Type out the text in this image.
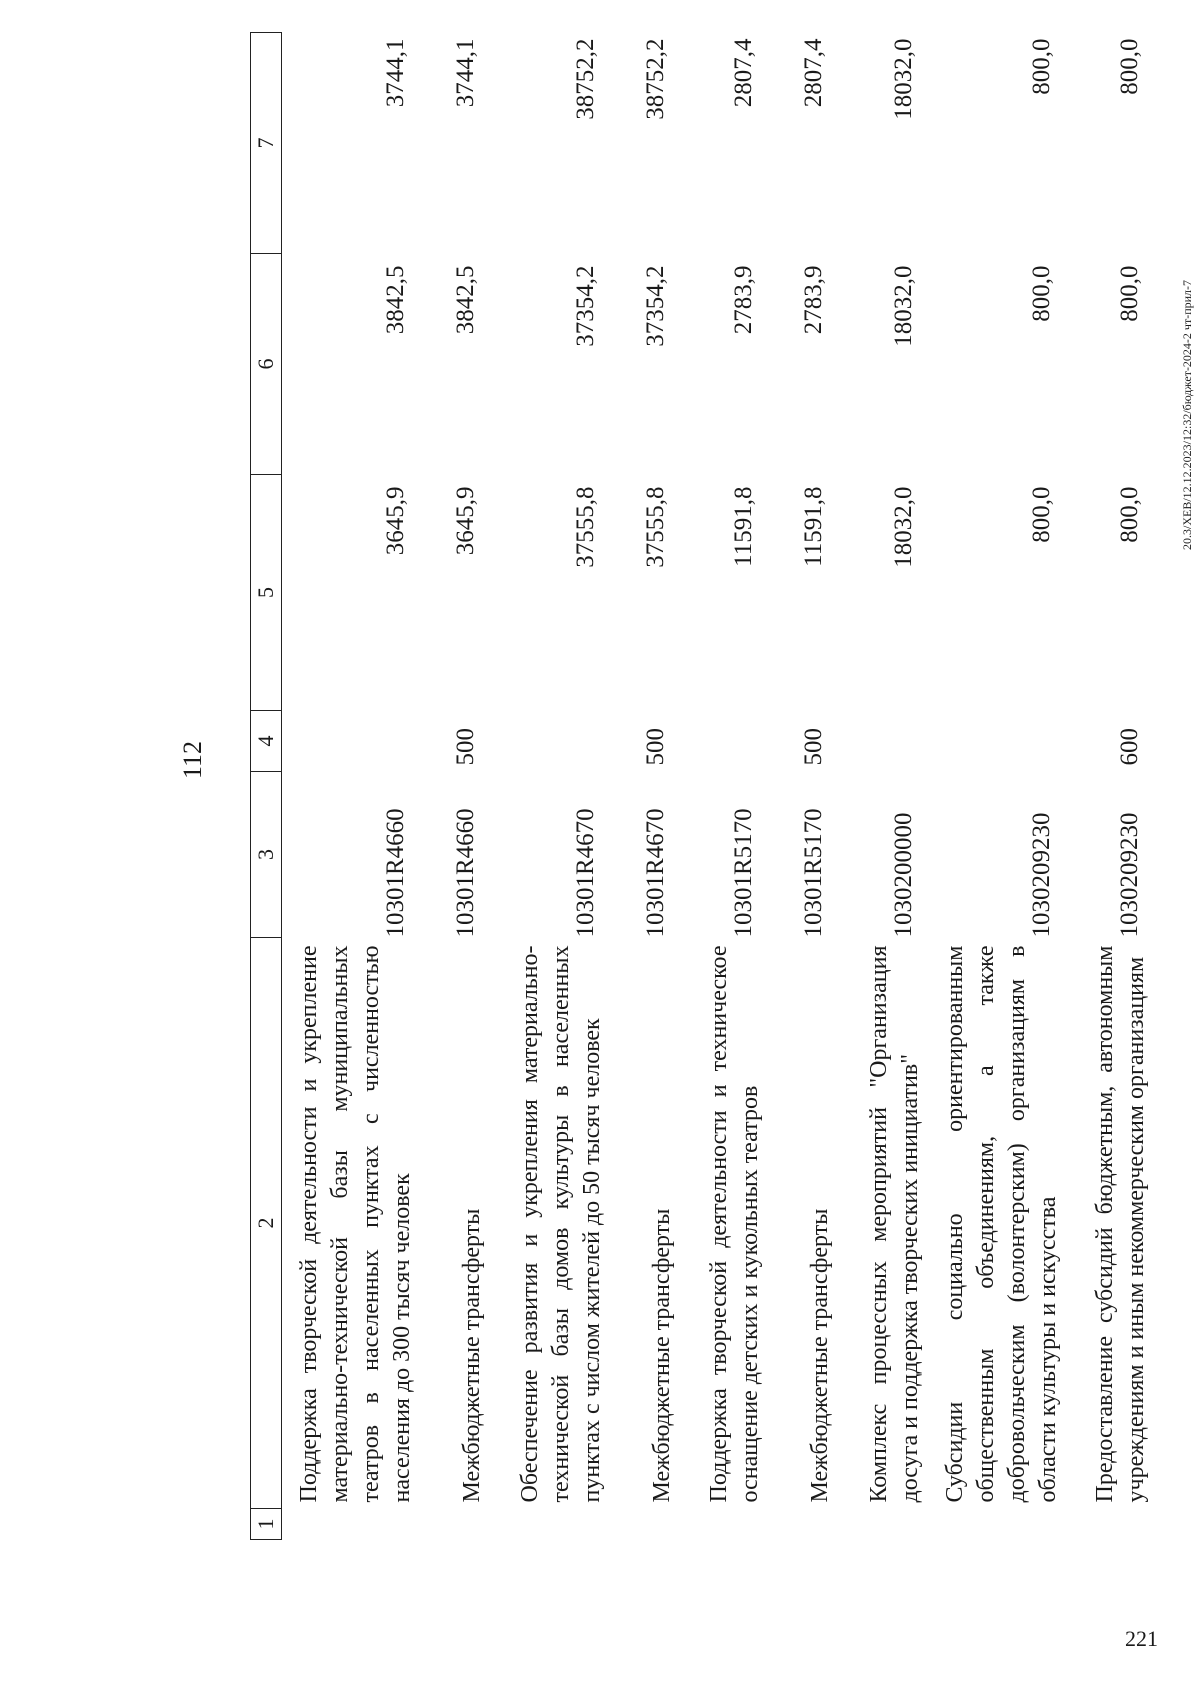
112
1	2	3	4	5	6	7
	Поддержка творческой деятельности и укрепление материально-технической базы муниципальных театров в населенных пунктах с численностью населения до 300 тысяч человек	10301R4660		3645,9	3842,5	3744,1
	Межбюджетные трансферты	10301R4660	500	3645,9	3842,5	3744,1
	Обеспечение развития и укрепления материально-технической базы домов культуры в населенных пунктах с числом жителей до 50 тысяч человек	10301R4670		37555,8	37354,2	38752,2
	Межбюджетные трансферты	10301R4670	500	37555,8	37354,2	38752,2
	Поддержка творческой деятельности и техническое оснащение детских и кукольных театров	10301R5170		11591,8	2783,9	2807,4
	Межбюджетные трансферты	10301R5170	500	11591,8	2783,9	2807,4
	Комплекс процессных мероприятий "Организация досуга и поддержка творческих инициатив"	1030200000		18032,0	18032,0	18032,0
	Субсидии социально ориентированным общественным объединениям, а также добровольческим (волонтерским) организациям в области культуры и искусства	1030209230		800,0	800,0	800,0
	Предоставление субсидий бюджетным, автономным учреждениям и иным некоммерческим организациям	1030209230	600	800,0	800,0	800,0
20.3/ХЕВ/12.12.2023/12:32/бюджет-2024-2 чт-прил-7
221
